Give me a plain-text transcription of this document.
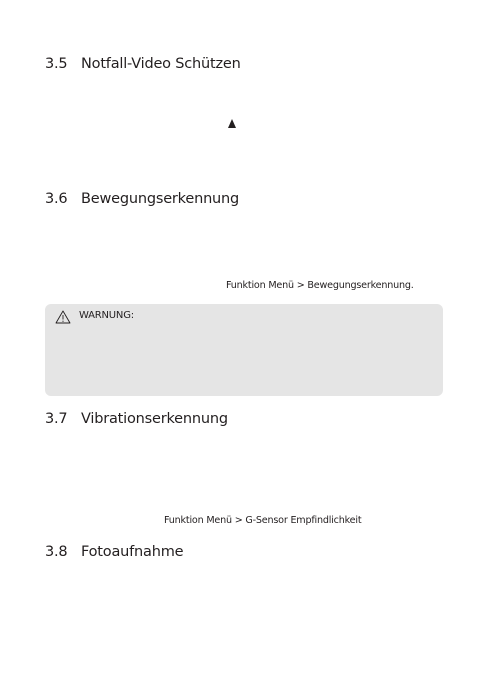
3.5 Notfall-Video Schützen
3.6 Bewegungserkennung

Funktion Menü > Bewegungserkennung.

WARNUNG:
3.7 Vibrationserkennung

Funktion Menü > G-Sensor Empfindlichkeit

3.8 Fotoaufnahme
